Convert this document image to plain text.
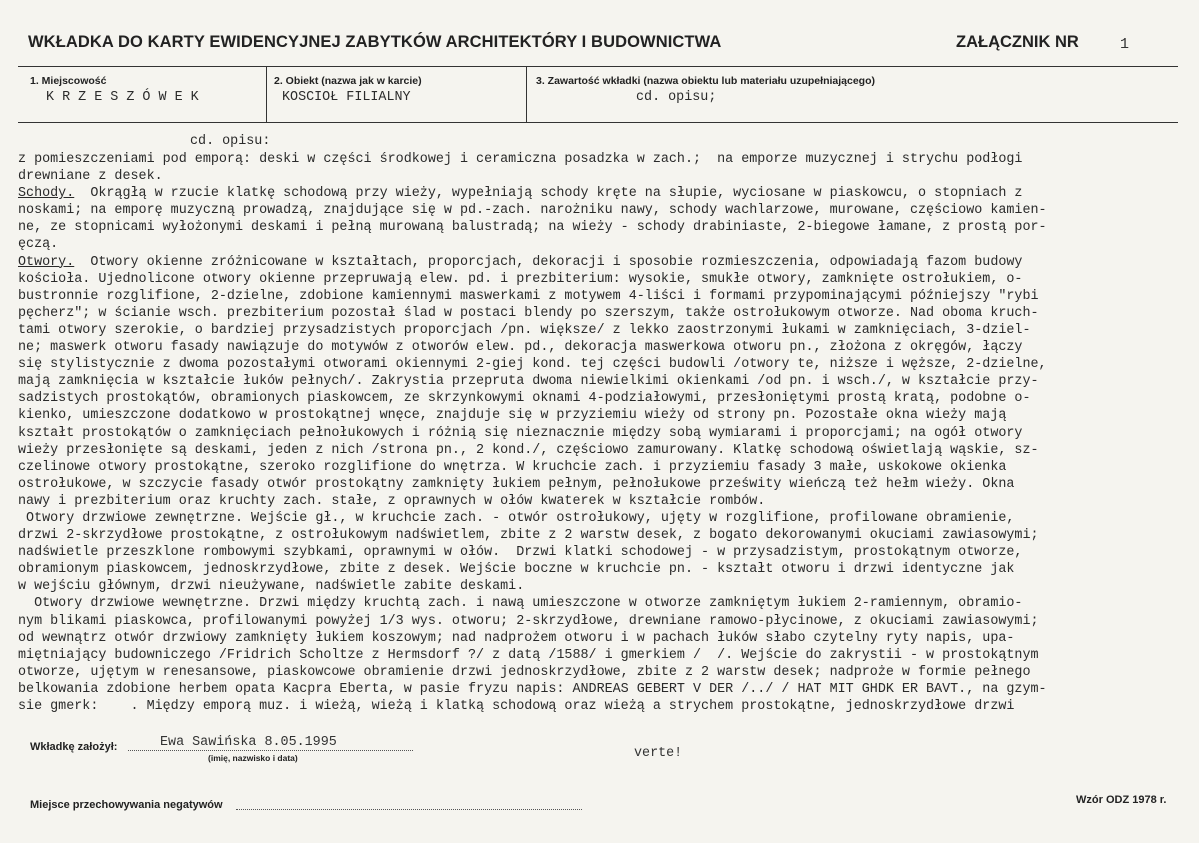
WKŁADKA DO KARTY EWIDENCYJNEJ ZABYTKÓW ARCHITEKTÓRY I BUDOWNICTWA	ZAŁĄCZNIK NR	1
1. Miejscowość
K R Z E S Z Ó W E K
2. Obiekt (nazwa jak w karcie)
KOSCIOŁ FILIALNY
3. Zawartość wkładki (nazwa obiektu lub materiału uzupełniającego)
cd. opisu;
cd. opisu:
z pomieszczeniami pod emporą: deski w części środkowej i ceramiczna posadzka w zach.;  na emporze muzycznej i strychu podłogi
drewniane z desek.
Schody.  Okrągłą w rzucie klatkę schodową przy wieży, wypełniają schody kręte na słupie, wyciosane w piaskowcu, o stopniach z
noskami; na emporę muzyczną prowadzą, znajdujące się w pd.-zach. narożniku nawy, schody wachlarzowe, murowane, częściowo kamien-
ne, ze stopnicami wyłożonymi deskami i pełną murowaną balustradą; na wieży - schody drabiniaste, 2-biegowe łamane, z prostą por-
ęczą.
Otwory.  Otwory okienne zróżnicowane w kształtach, proporcjach, dekoracji i sposobie rozmieszczenia, odpowiadają fazom budowy
kościoła. Ujednolicone otwory okienne przepruwają elew. pd. i prezbiterium: wysokie, smukłe otwory, zamknięte ostrołukiem, o-
bustronnie rozglifione, 2-dzielne, zdobione kamiennymi maswerkami z motywem 4-liści i formami przypominającymi późniejszy "rybi
pęcherz"; w ścianie wsch. prezbiterium pozostał ślad w postaci blendy po szerszym, także ostrołukowym otworze. Nad oboma kruch-
tami otwory szerokie, o bardziej przysadzistych proporcjach /pn. większe/ z lekko zaostrzonymi łukami w zamknięciach, 3-dziel-
ne; maswerk otworu fasady nawiązuje do motywów z otworów elew. pd., dekoracja maswerkowa otworu pn., złożona z okręgów, łączy
się stylistycznie z dwoma pozostałymi otworami okiennymi 2-giej kond. tej części budowli /otwory te, niższe i węższe, 2-dzielne,
mają zamknięcia w kształcie łuków pełnych/. Zakrystia przepruta dwoma niewielkimi okienkami /od pn. i wsch./, w kształcie przy-
sadzistych prostokątów, obramionych piaskowcem, ze skrzynkowymi oknami 4-podziałowymi, przesłoniętymi prostą kratą, podobne o-
kienko, umieszczone dodatkowo w prostokątnej wnęce, znajduje się w przyziemiu wieży od strony pn. Pozostałe okna wieży mają
kształt prostokątów o zamknięciach pełnołukowych i różnią się nieznacznie między sobą wymiarami i proporcjami; na ogół otwory
wieży przesłonięte są deskami, jeden z nich /strona pn., 2 kond./, częściowo zamurowany. Klatkę schodową oświetlają wąskie, sz-
czelinowe otwory prostokątne, szeroko rozglifione do wnętrza. W kruchcie zach. i przyziemiu fasady 3 małe, uskokowe okienka
ostrołukowe, w szczycie fasady otwór prostokątny zamknięty łukiem pełnym, pełnołukowe prześwity wieńczą też hełm wieży. Okna
nawy i prezbiterium oraz kruchty zach. stałe, z oprawnych w ołów kwaterek w kształcie rombów.
Otwory drzwiowe zewnętrzne. Wejście gł., w kruchcie zach. - otwór ostrołukowy, ujęty w rozglifione, profilowane obramienie,
drzwi 2-skrzydłowe prostokątne, z ostrołukowym nadświetlem, zbite z 2 warstw desek, z bogato dekorowanymi okuciami zawiasowymi;
nadświetle przeszklone rombowymi szybkami, oprawnymi w ołów.  Drzwi klatki schodowej - w przysadzistym, prostokątnym otworze,
obramionym piaskowcem, jednoskrzydłowe, zbite z desek. Wejście boczne w kruchcie pn. - kształt otworu i drzwi identyczne jak
w wejściu głównym, drzwi nieużywane, nadświetle zabite deskami.
Otwory drzwiowe wewnętrzne. Drzwi między kruchtą zach. i nawą umieszczone w otworze zamkniętym łukiem 2-ramiennym, obramio-
nym blikami piaskowca, profilowanymi powyżej 1/3 wys. otworu; 2-skrzydłowe, drewniane ramowo-płycinowe, z okuciami zawiasowymi;
od wewnątrz otwór drzwiowy zamknięty łukiem koszowym; nad nadprożem otworu i w pachach łuków słabo czytelny ryty napis, upa-
miętniający budowniczego /Fridrich Scholtze z Hermsdorf ?/ z datą /1588/ i gmerkiem /  /. Wejście do zakrystii - w prostokątnym
otworze, ujętym w renesansowe, piaskowcowe obramienie drzwi jednoskrzydłowe, zbite z 2 warstw desek; nadproże w formie pełnego
belkowania zdobione herbem opata Kacpra Eberta, w pasie fryzu napis: ANDREAS GEBERT V DER /../ / HAT MIT GHDK ER BAVT., na gzym-
sie gmerk:    . Między emporą muz. i wieżą, wieżą i klatką schodową oraz wieżą a strychem prostokątne, jednoskrzydłowe drzwi
Wkładkę założył:	Ewa Sawińska 8.05.1995
(imię, nazwisko i data)	verte!
Miejsce przechowywania negatywów	Wzór ODZ 1978 r.
